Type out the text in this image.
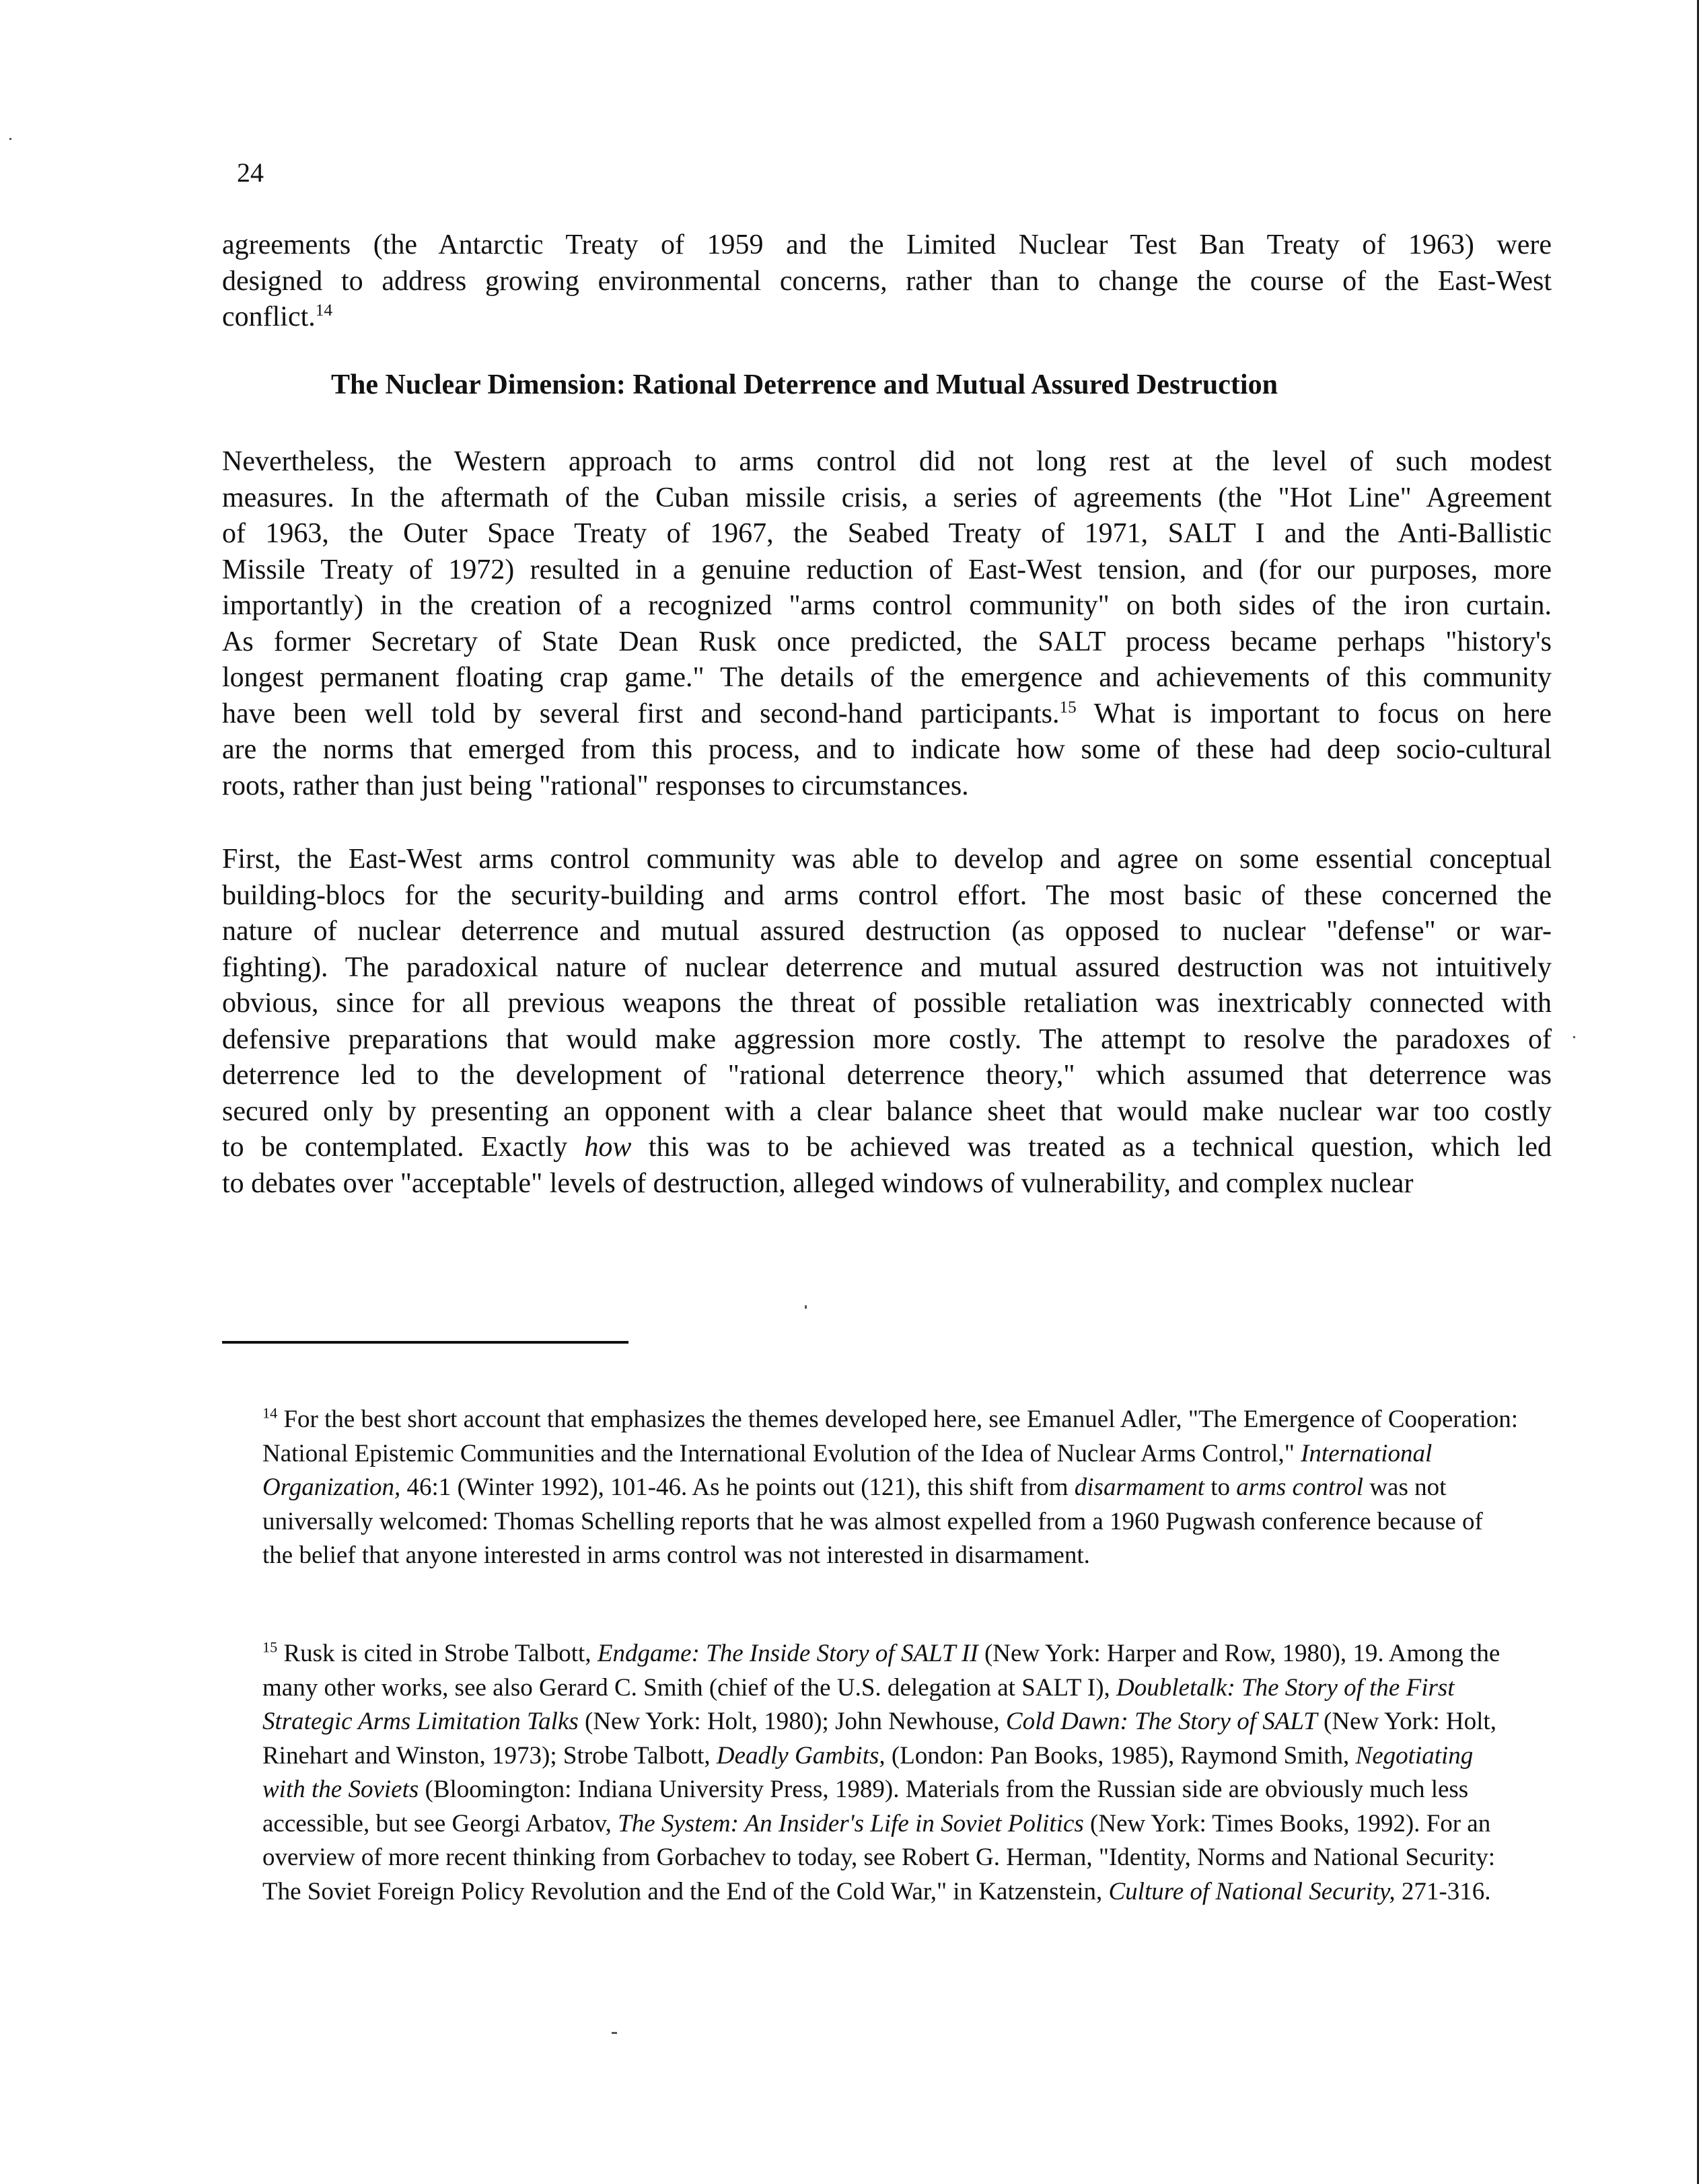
24
agreements (the Antarctic Treaty of 1959 and the Limited Nuclear Test Ban Treaty of 1963) were
designed to address growing environmental concerns, rather than to change the course of the East-West
conflict.$^{14}$
The Nuclear Dimension: Rational Deterrence and Mutual Assured Destruction
Nevertheless, the Western approach to arms control did not long rest at the level of such modest
measures. In the aftermath of the Cuban missile crisis, a series of agreements (the "Hot Line" Agreement
of 1963, the Outer Space Treaty of 1967, the Seabed Treaty of 1971, SALT I and the Anti-Ballistic
Missile Treaty of 1972) resulted in a genuine reduction of East-West tension, and (for our purposes, more
importantly) in the creation of a recognized "arms control community" on both sides of the iron curtain.
As former Secretary of State Dean Rusk once predicted, the SALT process became perhaps "history's
longest permanent floating crap game." The details of the emergence and achievements of this community
have been well told by several first and second-hand participants.$^{15}$ What is important to focus on here
are the norms that emerged from this process, and to indicate how some of these had deep socio-cultural
roots, rather than just being "rational" responses to circumstances.
First, the East-West arms control community was able to develop and agree on some essential conceptual
building-blocs for the security-building and arms control effort. The most basic of these concerned the
nature of nuclear deterrence and mutual assured destruction (as opposed to nuclear "defense" or war-
fighting). The paradoxical nature of nuclear deterrence and mutual assured destruction was not intuitively
obvious, since for all previous weapons the threat of possible retaliation was inextricably connected with
defensive preparations that would make aggression more costly. The attempt to resolve the paradoxes of
deterrence led to the development of "rational deterrence theory," which assumed that deterrence was
secured only by presenting an opponent with a clear balance sheet that would make nuclear war too costly
to be contemplated. Exactly how this was to be achieved was treated as a technical question, which led
to debates over "acceptable" levels of destruction, alleged windows of vulnerability, and complex nuclear
$^{14}$ For the best short account that emphasizes the themes developed here, see Emanuel Adler, "The Emergence of Cooperation: National Epistemic Communities and the International Evolution of the Idea of Nuclear Arms Control," International Organization, 46:1 (Winter 1992), 101-46. As he points out (121), this shift from disarmament to arms control was not universally welcomed: Thomas Schelling reports that he was almost expelled from a 1960 Pugwash conference because of the belief that anyone interested in arms control was not interested in disarmament.
$^{15}$ Rusk is cited in Strobe Talbott, Endgame: The Inside Story of SALT II (New York: Harper and Row, 1980), 19. Among the many other works, see also Gerard C. Smith (chief of the U.S. delegation at SALT I), Doubletalk: The Story of the First Strategic Arms Limitation Talks (New York: Holt, 1980); John Newhouse, Cold Dawn: The Story of SALT (New York: Holt, Rinehart and Winston, 1973); Strobe Talbott, Deadly Gambits, (London: Pan Books, 1985), Raymond Smith, Negotiating with the Soviets (Bloomington: Indiana University Press, 1989). Materials from the Russian side are obviously much less accessible, but see Georgi Arbatov, The System: An Insider's Life in Soviet Politics (New York: Times Books, 1992). For an overview of more recent thinking from Gorbachev to today, see Robert G. Herman, "Identity, Norms and National Security: The Soviet Foreign Policy Revolution and the End of the Cold War," in Katzenstein, Culture of National Security, 271-316.
